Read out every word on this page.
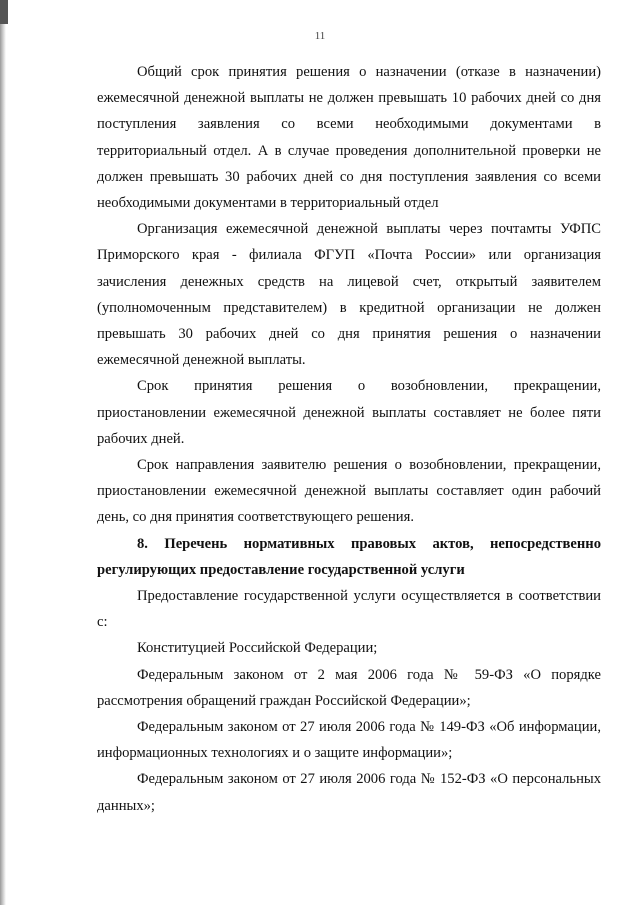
11

Общий срок принятия решения о назначении (отказе в назначении) ежемесячной денежной выплаты не должен превышать 10 рабочих дней со дня поступления заявления со всеми необходимыми документами в территориальный отдел. А в случае проведения дополнительной проверки не должен превышать 30 рабочих дней со дня поступления заявления со всеми необходимыми документами в территориальный отдел

Организация ежемесячной денежной выплаты через почтамты УФПС Приморского края - филиала ФГУП «Почта России» или организация зачисления денежных средств на лицевой счет, открытый заявителем (уполномоченным представителем) в кредитной организации не должен превышать 30 рабочих дней со дня принятия решения о назначении ежемесячной денежной выплаты.

Срок принятия решения о возобновлении, прекращении, приостановлении ежемесячной денежной выплаты составляет не более пяти рабочих дней.

Срок направления заявителю решения о возобновлении, прекращении, приостановлении ежемесячной денежной выплаты составляет один рабочий день, со дня принятия соответствующего решения.

8. Перечень нормативных правовых актов, непосредственно регулирующих предоставление государственной услуги

Предоставление государственной услуги осуществляется в соответствии с:

Конституцией Российской Федерации;

Федеральным законом от 2 мая 2006 года № 59-ФЗ «О порядке рассмотрения обращений граждан Российской Федерации»;

Федеральным законом от 27 июля 2006 года № 149-ФЗ «Об информации, информационных технологиях и о защите информации»;

Федеральным законом от 27 июля 2006 года № 152-ФЗ «О персональных данных»;
